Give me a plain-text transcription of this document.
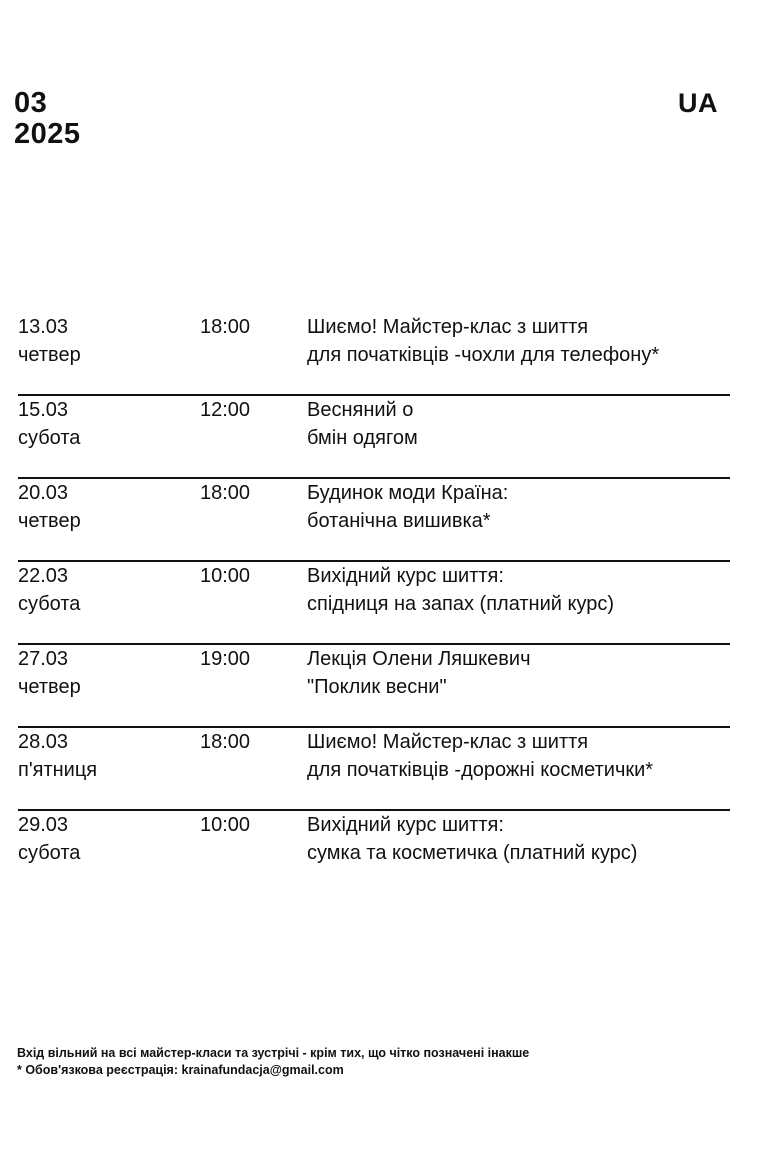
03
2025
UA
13.03
четвер
18:00	Шиємо! Майстер-клас з шиття
для початківців -чохли для телефону*
15.03
субота
12:00	Весняний о
бмін одягом
20.03
четвер
18:00	Будинок моди Країна:
ботанічна вишивка*
22.03
субота
10:00	Вихідний курс шиття:
спідниця на запах (платний курс)
27.03
четвер
19:00	Лекція Олени Ляшкевич
"Поклик весни"
28.03
п'ятниця
18:00	Шиємо! Майстер-клас з шиття
для початківців -дорожні косметички*
29.03
субота
10:00	Вихідний курс шиття:
сумка та косметичка (платний курс)
Вхід вільний на всі майстер-класи та зустрічі - крім тих, що чітко позначені інакше
* Обов'язкова реєстрація: krainafundacja@gmail.com
